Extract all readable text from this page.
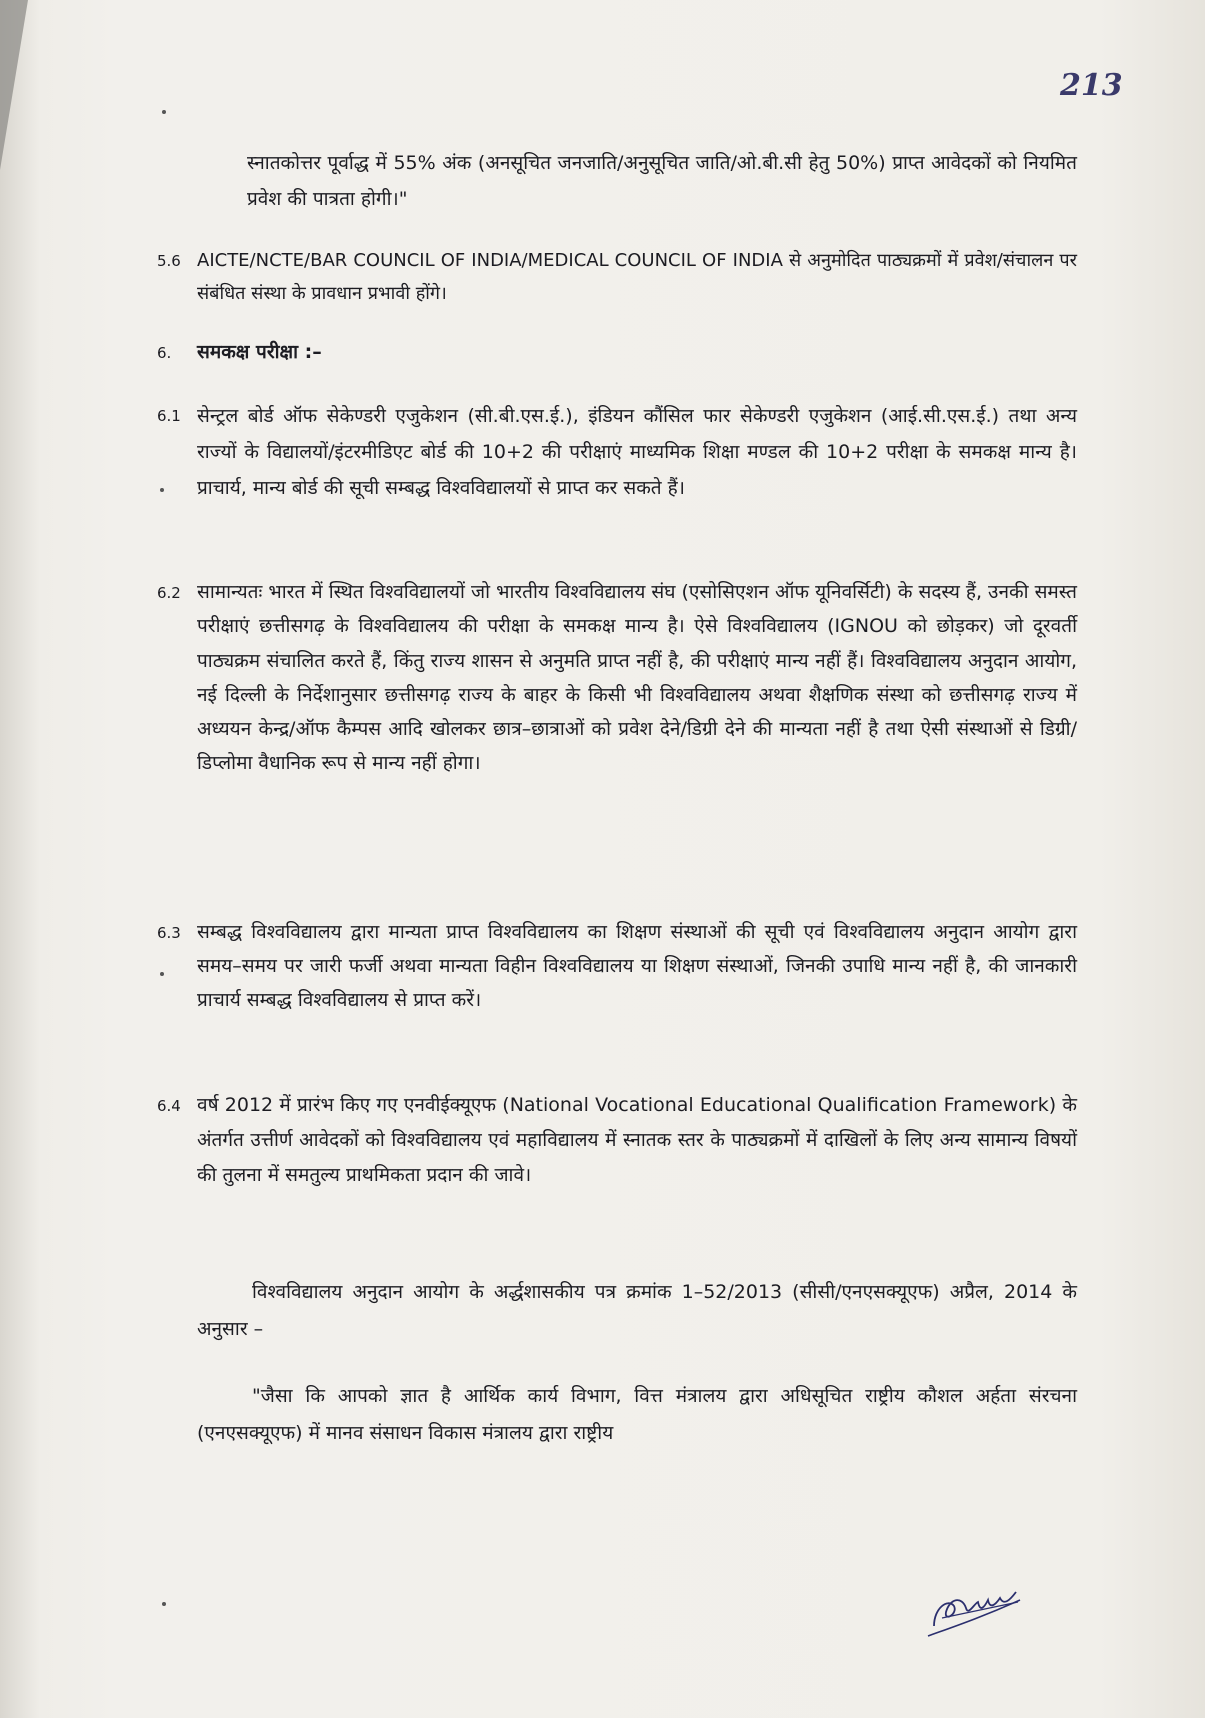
213
स्नातकोत्तर पूर्वाद्ध में 55% अंक (अनसूचित जनजाति/अनुसूचित जाति/ओ.बी.सी हेतु 50%) प्राप्त आवेदकों को नियमित प्रवेश की पात्रता होगी।"
5.6 AICTE/NCTE/BAR COUNCIL OF INDIA/MEDICAL COUNCIL OF INDIA से अनुमोदित पाठ्यक्रमों में प्रवेश/संचालन पर संबंधित संस्था के प्रावधान प्रभावी होंगे।
6. समकक्ष परीक्षा :–
6.1 सेन्ट्रल बोर्ड ऑफ सेकेण्डरी एजुकेशन (सी.बी.एस.ई.), इंडियन कौंसिल फार सेकेण्डरी एजुकेशन (आई.सी.एस.ई.) तथा अन्य राज्यों के विद्यालयों/इंटरमीडिएट बोर्ड की 10+2 की परीक्षाएं माध्यमिक शिक्षा मण्डल की 10+2 परीक्षा के समकक्ष मान्य है। प्राचार्य, मान्य बोर्ड की सूची सम्बद्ध विश्वविद्यालयों से प्राप्त कर सकते हैं।
6.2 सामान्यतः भारत में स्थित विश्वविद्यालयों जो भारतीय विश्वविद्यालय संघ (एसोसिएशन ऑफ यूनिवर्सिटी) के सदस्य हैं, उनकी समस्त परीक्षाएं छत्तीसगढ़ के विश्वविद्यालय की परीक्षा के समकक्ष मान्य है। ऐसे विश्वविद्यालय (IGNOU को छोड़कर) जो दूरवर्ती पाठ्यक्रम संचालित करते हैं, किंतु राज्य शासन से अनुमति प्राप्त नहीं है, की परीक्षाएं मान्य नहीं हैं। विश्वविद्यालय अनुदान आयोग, नई दिल्ली के निर्देशानुसार छत्तीसगढ़ राज्य के बाहर के किसी भी विश्वविद्यालय अथवा शैक्षणिक संस्था को छत्तीसगढ़ राज्य में अध्ययन केन्द्र/ऑफ कैम्पस आदि खोलकर छात्र–छात्राओं को प्रवेश देने/डिग्री देने की मान्यता नहीं है तथा ऐसी संस्थाओं से डिग्री/डिप्लोमा वैधानिक रूप से मान्य नहीं होगा।
6.3 सम्बद्ध विश्वविद्यालय द्वारा मान्यता प्राप्त विश्वविद्यालय का शिक्षण संस्थाओं की सूची एवं विश्वविद्यालय अनुदान आयोग द्वारा समय–समय पर जारी फर्जी अथवा मान्यता विहीन विश्वविद्यालय या शिक्षण संस्थाओं, जिनकी उपाधि मान्य नहीं है, की जानकारी प्राचार्य सम्बद्ध विश्वविद्यालय से प्राप्त करें।
6.4 वर्ष 2012 में प्रारंभ किए गए एनवीईक्यूएफ (National Vocational Educational Qualification Framework) के अंतर्गत उत्तीर्ण आवेदकों को विश्वविद्यालय एवं महाविद्यालय में स्नातक स्तर के पाठ्यक्रमों में दाखिलों के लिए अन्य सामान्य विषयों की तुलना में समतुल्य प्राथमिकता प्रदान की जावे।
विश्वविद्यालय अनुदान आयोग के अर्द्धशासकीय पत्र क्रमांक 1–52/2013 (सीसी/एनएसक्यूएफ) अप्रैल, 2014 के अनुसार –
"जैसा कि आपको ज्ञात है आर्थिक कार्य विभाग, वित्त मंत्रालय द्वारा अधिसूचित राष्ट्रीय कौशल अर्हता संरचना (एनएसक्यूएफ) में मानव संसाधन विकास मंत्रालय द्वारा राष्ट्रीय
